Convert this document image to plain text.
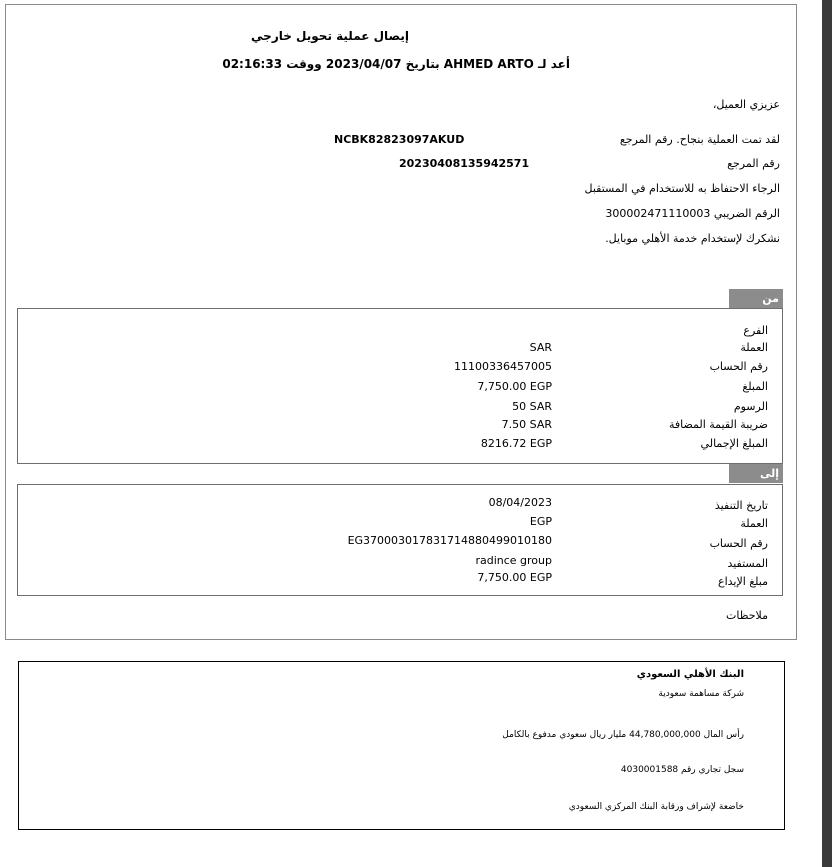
إيصال عملية تحويل خارجي
أعد لـ AHMED ARTO بتاريخ 2023/04/07 ووقت 02:16:33
عزيزي العميل،
لقد تمت العملية بنجاح. رقم المرجع
NCBK82823097AKUD
رقم المرجع
20230408135942571
الرجاء الاحتفاظ به للاستخدام في المستقبل
الرقم الضريبي 300002471110003
نشكرك لإستخدام خدمة الأهلي موبايل.
من
الفرع
العملة
SAR
رقم الحساب
11100336457005
المبلغ
7,750.00 EGP
الرسوم
50 SAR
ضريبة القيمة المضافة
7.50 SAR
المبلغ الإجمالي
8216.72 EGP
إلى
تاريخ التنفيذ
08/04/2023
العملة
EGP
رقم الحساب
EG370003017831714880499010180
المستفيد
radince group
مبلغ الإيداع
7,750.00 EGP
ملاحظات
البنك الأهلي السعودي
شركة مساهمة سعودية
رأس المال 44,780,000,000 مليار ريال سعودي مدفوع بالكامل
سجل تجاري رقم 4030001588
خاضعة لإشراف ورقابة البنك المركزي السعودي
